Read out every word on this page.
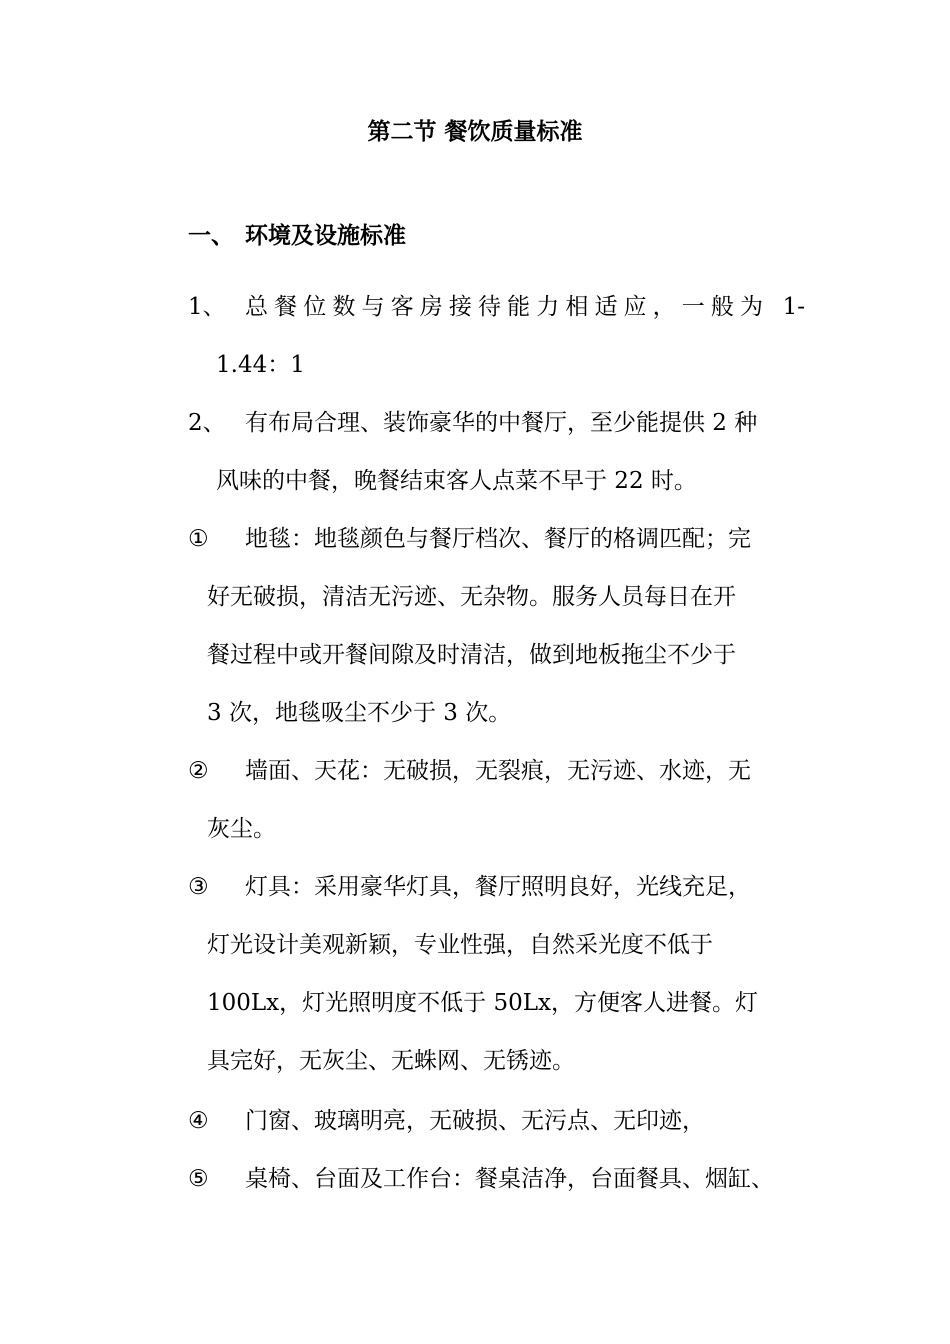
第二节 餐饮质量标准
一、 环境及设施标准
1、 总餐位数与客房接待能力相适应，一般为 1-
1.44：1
2、 有布局合理、装饰豪华的中餐厅，至少能提供 2 种
风味的中餐，晚餐结束客人点菜不早于 22 时。
① 地毯：地毯颜色与餐厅档次、餐厅的格调匹配；完
好无破损，清洁无污迹、无杂物。服务人员每日在开
餐过程中或开餐间隙及时清洁，做到地板拖尘不少于
3 次，地毯吸尘不少于 3 次。
② 墙面、天花：无破损，无裂痕，无污迹、水迹，无
灰尘。
③ 灯具：采用豪华灯具，餐厅照明良好，光线充足，
灯光设计美观新颖，专业性强，自然采光度不低于
100Lx，灯光照明度不低于 50Lx，方便客人进餐。灯
具完好，无灰尘、无蛛网、无锈迹。
④ 门窗、玻璃明亮，无破损、无污点、无印迹，
⑤ 桌椅、台面及工作台：餐桌洁净，台面餐具、烟缸、
